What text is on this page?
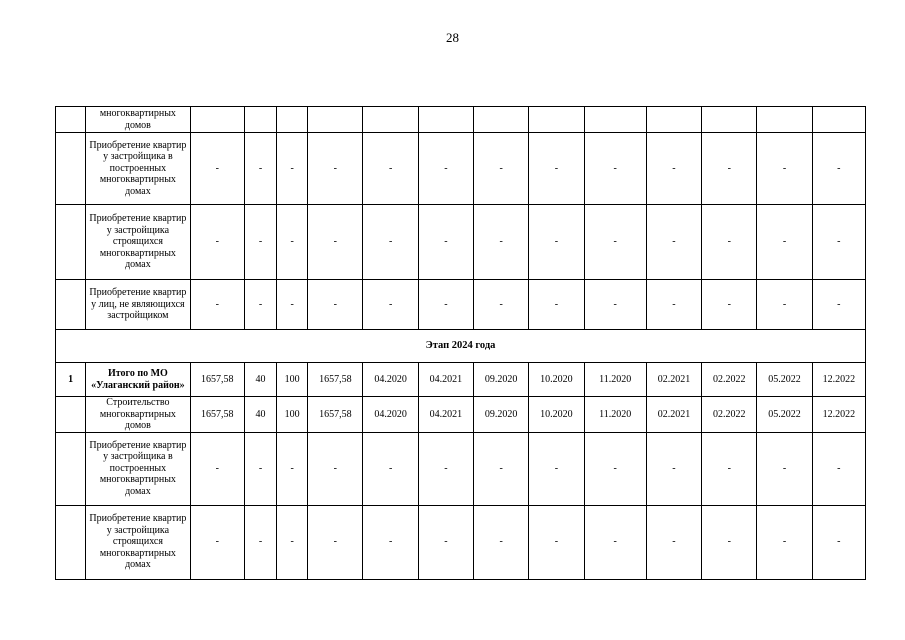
28
	многоквартирных домов													
	Приобретение квартир у застройщика в построенных многоквартирных домах	-	-	-	-	-	-	-	-	-	-	-	-	-
	Приобретение квартир у застройщика строящихся многоквартирных домах	-	-	-	-	-	-	-	-	-	-	-	-	-
	Приобретение квартир у лиц, не являющихся застройщиком	-	-	-	-	-	-	-	-	-	-	-	-	-
Этап 2024 года														
1	Итого по МО «Улаганский район»	1657,58	40	100	1657,58	04.2020	04.2021	09.2020	10.2020	11.2020	02.2021	02.2022	05.2022	12.2022
	Строительство многоквартирных домов	1657,58	40	100	1657,58	04.2020	04.2021	09.2020	10.2020	11.2020	02.2021	02.2022	05.2022	12.2022
	Приобретение квартир у застройщика в построенных многоквартирных домах	-	-	-	-	-	-	-	-	-	-	-	-	-
	Приобретение квартир у застройщика строящихся многоквартирных домах	-	-	-	-	-	-	-	-	-	-	-	-	-
